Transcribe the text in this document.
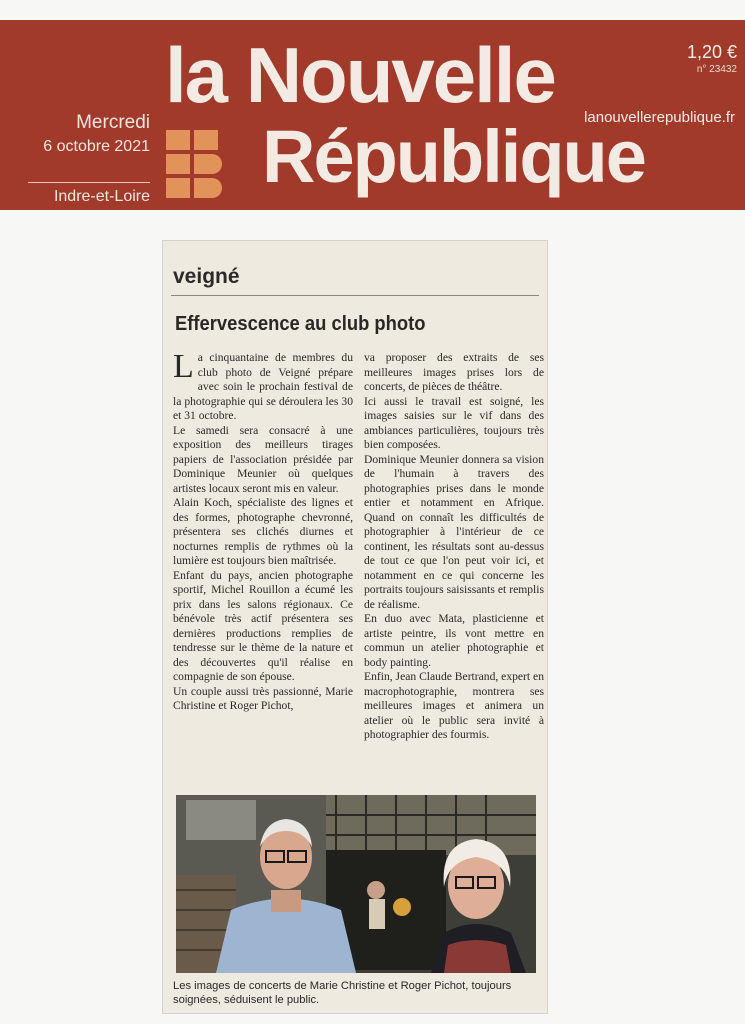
Mercredi
6 octobre 2021
Indre-et-Loire
la Nouvelle
République
1,20 €
n° 23432
lanouvellerepublique.fr
veigné
Effervescence au club photo

La cinquantaine de membres du club photo de Veigné prépare avec soin le prochain festival de la photographie qui se déroulera les 30 et 31 octobre.

Le samedi sera consacré à une exposition des meilleurs tirages papiers de l'association présidée par Dominique Meunier où quelques artistes locaux seront mis en valeur.

Alain Koch, spécialiste des lignes et des formes, photographe chevronné, présentera ses clichés diurnes et nocturnes remplis de rythmes où la lumière est toujours bien maîtrisée.

Enfant du pays, ancien photographe sportif, Michel Rouillon a écumé les prix dans les salons régionaux. Ce bénévole très actif présentera ses dernières productions remplies de tendresse sur le thème de la nature et des découvertes qu'il réalise en compagnie de son épouse.

Un couple aussi très passionné, Marie Christine et Roger Pichot,

va proposer des extraits de ses meilleures images prises lors de concerts, de pièces de théâtre.

Ici aussi le travail est soigné, les images saisies sur le vif dans des ambiances particulières, toujours très bien composées.

Dominique Meunier donnera sa vision de l'humain à travers des photographies prises dans le monde entier et notamment en Afrique. Quand on connaît les difficultés de photographier à l'intérieur de ce continent, les résultats sont au-dessus de tout ce que l'on peut voir ici, et notamment en ce qui concerne les portraits toujours saisissants et remplis de réalisme.

En duo avec Mata, plasticienne et artiste peintre, ils vont mettre en commun un atelier photographie et body painting.

Enfin, Jean Claude Bertrand, expert en macrophotographie, montrera ses meilleures images et animera un atelier où le public sera invité à photographier des fourmis.

Les images de concerts de Marie Christine et Roger Pichot, toujours soignées, séduisent le public.
